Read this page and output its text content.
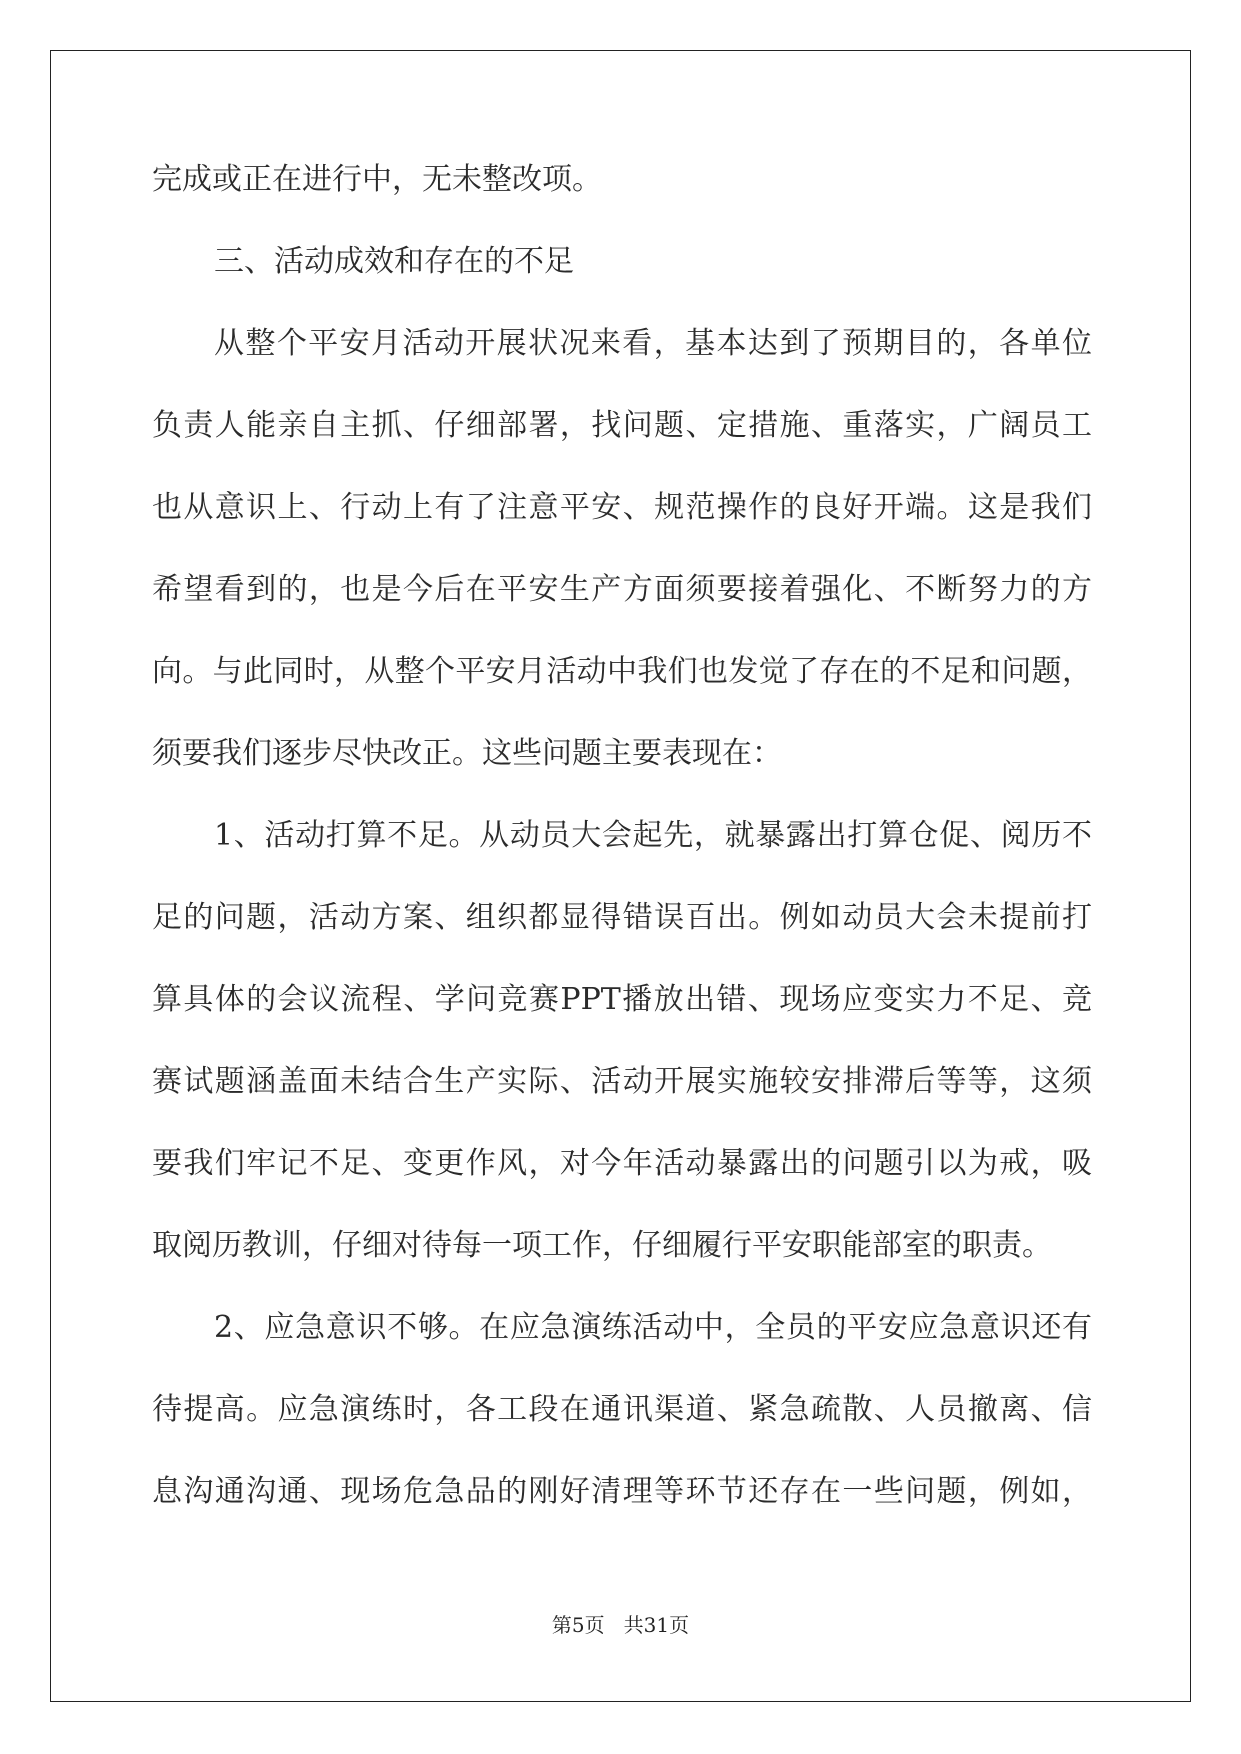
完成或正在进行中，无未整改项。
三、活动成效和存在的不足
从整个平安月活动开展状况来看，基本达到了预期目的，各单位
负责人能亲自主抓、仔细部署，找问题、定措施、重落实，广阔员工
也从意识上、行动上有了注意平安、规范操作的良好开端。这是我们
希望看到的，也是今后在平安生产方面须要接着强化、不断努力的方
向。与此同时，从整个平安月活动中我们也发觉了存在的不足和问题，
须要我们逐步尽快改正。这些问题主要表现在：
1、活动打算不足。从动员大会起先，就暴露出打算仓促、阅历不
足的问题，活动方案、组织都显得错误百出。例如动员大会未提前打
算具体的会议流程、学问竞赛PPT播放出错、现场应变实力不足、竞
赛试题涵盖面未结合生产实际、活动开展实施较安排滞后等等，这须
要我们牢记不足、变更作风，对今年活动暴露出的问题引以为戒，吸
取阅历教训，仔细对待每一项工作，仔细履行平安职能部室的职责。
2、应急意识不够。在应急演练活动中，全员的平安应急意识还有
待提高。应急演练时，各工段在通讯渠道、紧急疏散、人员撤离、信
息沟通沟通、现场危急品的刚好清理等环节还存在一些问题，例如，
第5页 共31页
